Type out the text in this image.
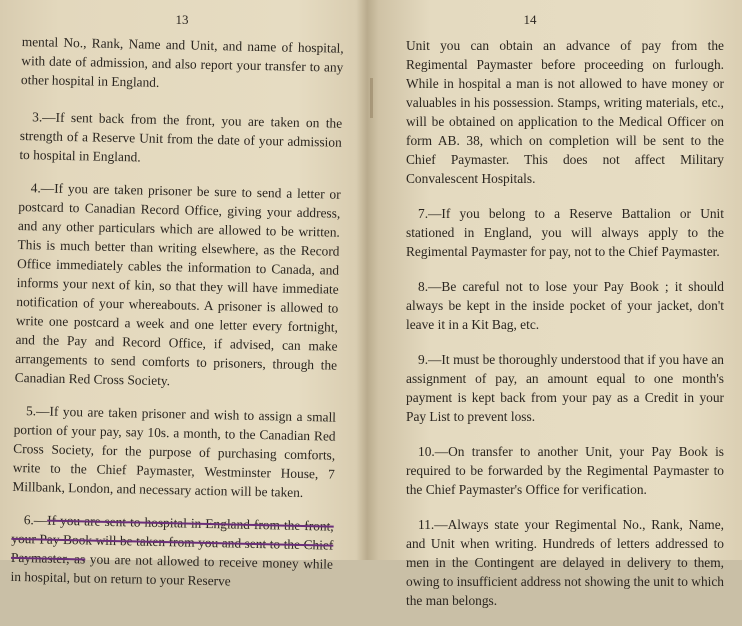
13

mental No., Rank, Name and Unit, and name of hospital, with date of admission, and also report your transfer to any other hospital in England.

3.—If sent back from the front, you are taken on the strength of a Reserve Unit from the date of your admission to hospital in England.

4.—If you are taken prisoner be sure to send a letter or postcard to Canadian Record Office, giving your address, and any other particulars which are allowed to be written. This is much better than writing elsewhere, as the Record Office immediately cables the information to Canada, and informs your next of kin, so that they will have immediate notification of your whereabouts. A prisoner is allowed to write one postcard a week and one letter every fortnight, and the Pay and Record Office, if advised, can make arrangements to send comforts to prisoners, through the Canadian Red Cross Society.

5.—If you are taken prisoner and wish to assign a small portion of your pay, say 10s. a month, to the Canadian Red Cross Society, for the purpose of purchasing comforts, write to the Chief Paymaster, Westminster House, 7 Millbank, London, and necessary action will be taken.

6.—If you are sent to hospital in England from the front, your Pay Book will be taken from you and sent to the Chief Paymaster, as you are not allowed to receive money while in hospital, but on return to your Reserve

14

Unit you can obtain an advance of pay from the Regimental Paymaster before proceeding on furlough. While in hospital a man is not allowed to have money or valuables in his possession. Stamps, writing materials, etc., will be obtained on application to the Medical Officer on form AB. 38, which on completion will be sent to the Chief Paymaster. This does not affect Military Convalescent Hospitals.

7.—If you belong to a Reserve Battalion or Unit stationed in England, you will always apply to the Regimental Paymaster for pay, not to the Chief Paymaster.

8.—Be careful not to lose your Pay Book ; it should always be kept in the inside pocket of your jacket, don't leave it in a Kit Bag, etc.

9.—It must be thoroughly understood that if you have an assignment of pay, an amount equal to one month's payment is kept back from your pay as a Credit in your Pay List to prevent loss.

10.—On transfer to another Unit, your Pay Book is required to be forwarded by the Regimental Paymaster to the Chief Paymaster's Office for verification.

11.—Always state your Regimental No., Rank, Name, and Unit when writing. Hundreds of letters addressed to men in the Contingent are delayed in delivery to them, owing to insufficient address not showing the unit to which the man belongs.
